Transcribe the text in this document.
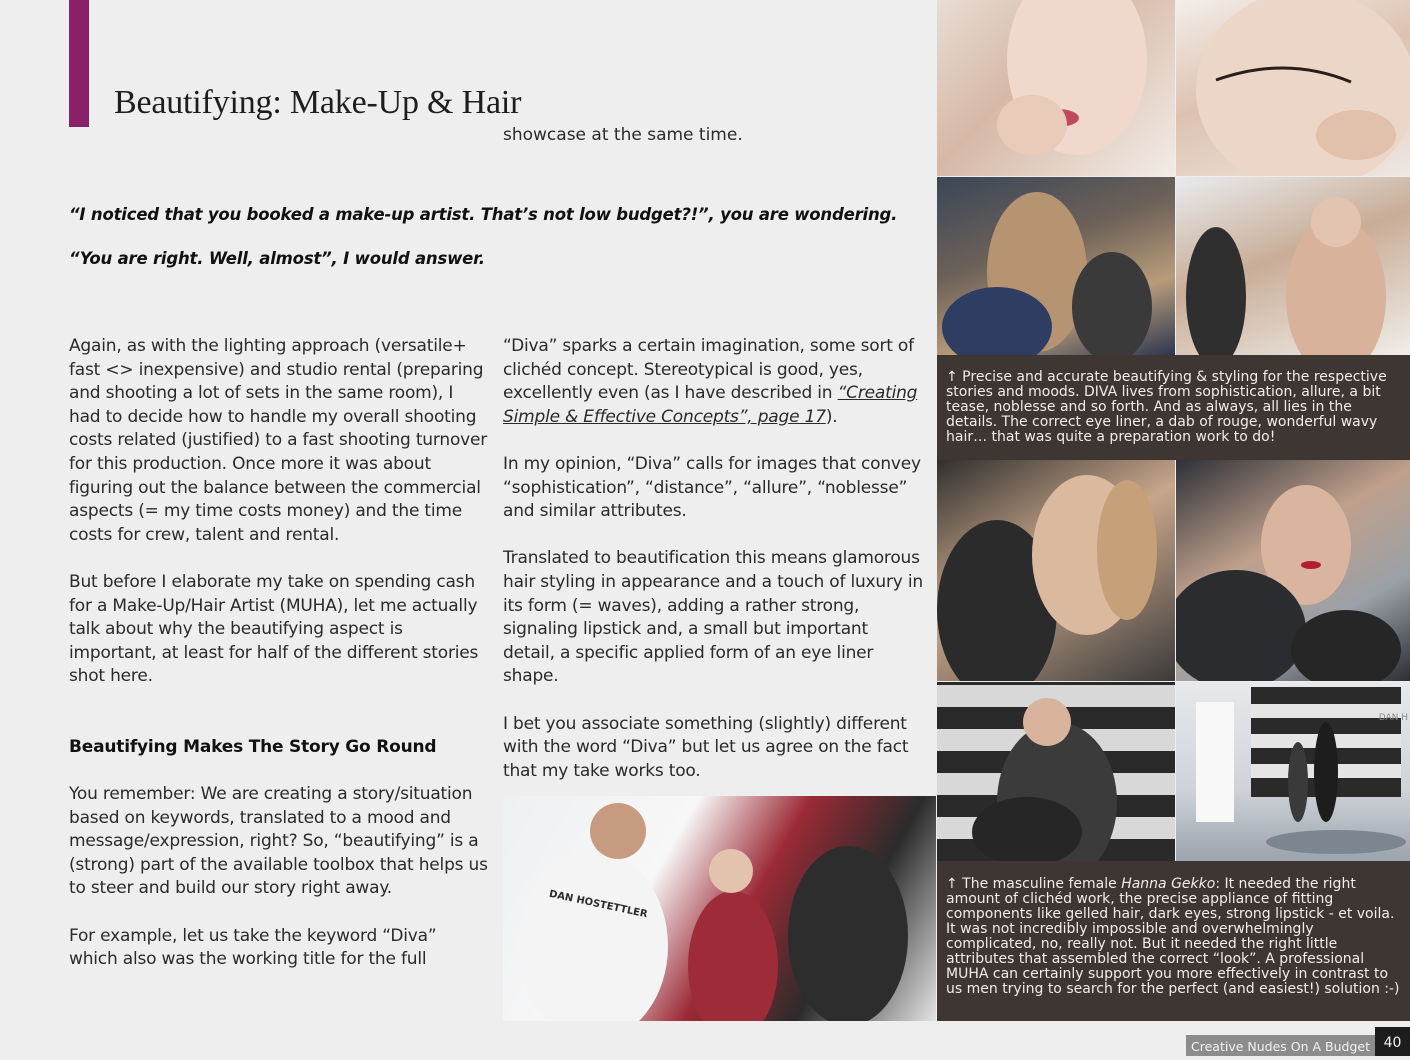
Beautifying: Make-Up & Hair
showcase at the same time.
“I noticed that you booked a make-up artist. That’s not low budget?!”, you are wondering.
“You are right. Well, almost”, I would answer.

Again, as with the lighting approach (versatile+ fast <> inexpensive) and studio rental (preparing and shooting a lot of sets in the same room), I had to decide how to handle my overall shooting costs related (justified) to a fast shooting turnover for this production. Once more it was about figuring out the balance between the commercial aspects (= my time costs money) and the time costs for crew, talent and rental.

But before I elaborate my take on spending cash for a Make-Up/Hair Artist (MUHA), let me actually talk about why the beautifying aspect is important, at least for half of the different stories shot here.

Beautifying Makes The Story Go Round

You remember: We are creating a story/situation based on keywords, translated to a mood and message/expression, right? So, “beautifying” is a (strong) part of the available toolbox that helps us to steer and build our story right away.

For example, let us take the keyword “Diva” which also was the working title for the full

“Diva” sparks a certain imagination, some sort of clichéd concept. Stereotypical is good, yes, excellently even (as I have described in “Creating Simple & Effective Concepts”, page 17).

In my opinion, “Diva” calls for images that convey “sophistication”, “distance”, “allure”, “noblesse” and similar attributes.

Translated to beautification this means glamorous hair styling in appearance and a touch of luxury in its form (= waves), adding a rather strong, signaling lipstick and, a small but important detail, a specific applied form of an eye liner shape.

I bet you associate something (slightly) different with the word “Diva” but let us agree on the fact that my take works too.

DAN HOSTETTLER
↑ Precise and accurate beautifying & styling for the respective stories and moods. DIVA lives from sophistication, allure, a bit tease, noblesse and so forth. And as always, all lies in the details. The correct eye liner, a dab of rouge, wonderful wavy hair… that was quite a preparation work to do!
DAN H
↑ The masculine female Hanna Gekko: It needed the right amount of clichéd work, the precise appliance of fitting components like gelled hair, dark eyes, strong lipstick - et voila. It was not incredibly impossible and overwhelmingly complicated, no, really not. But it needed the right little attributes that assembled the correct “look”. A professional MUHA can certainly support you more effectively in contrast to us men trying to search for the perfect (and easiest!) solution :-)
Creative Nudes On A Budget 40
